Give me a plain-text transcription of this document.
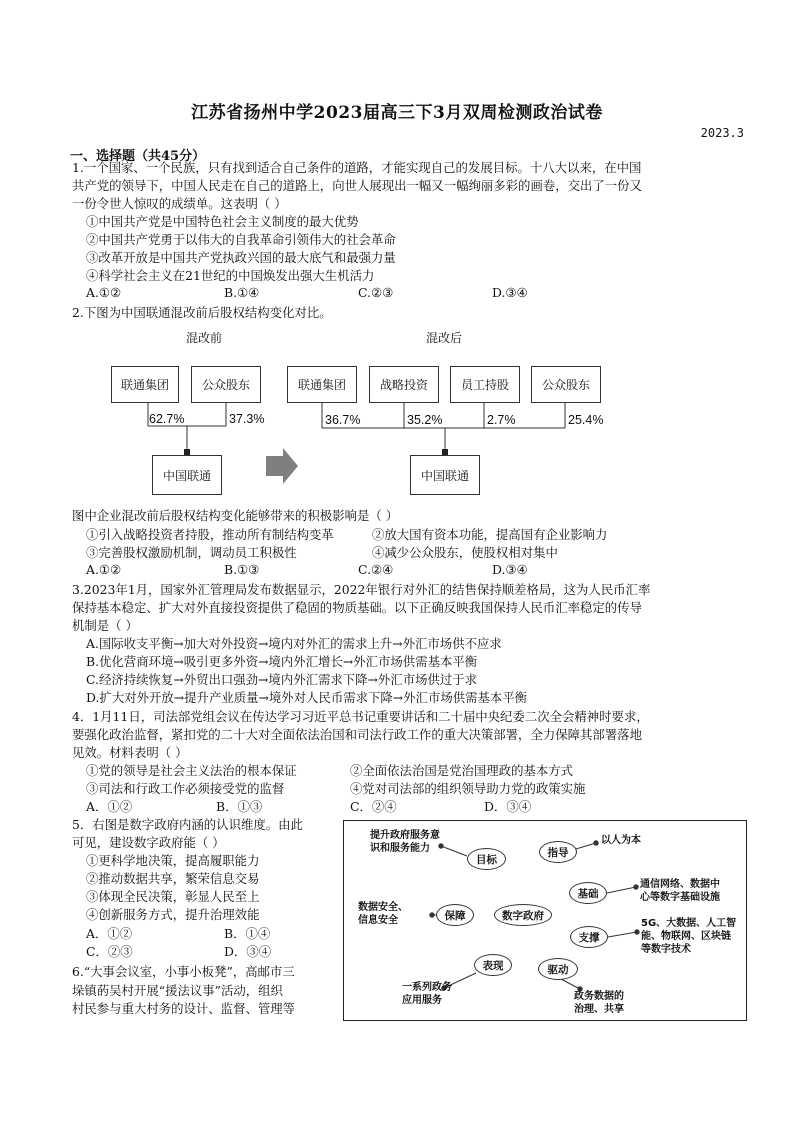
江苏省扬州中学2023届高三下3月双周检测政治试卷
2023.3
一、选择题（共45分）
1.一个国家、一个民族，只有找到适合自己条件的道路，才能实现自己的发展目标。十八大以来，在中国
共产党的领导下，中国人民走在自己的道路上，向世人展现出一幅又一幅绚丽多彩的画卷，交出了一份又
一份令世人惊叹的成绩单。这表明（ ）
①中国共产党是中国特色社会主义制度的最大优势
②中国共产党勇于以伟大的自我革命引领伟大的社会革命
③改革开放是中国共产党执政兴国的最大底气和最强力量
④科学社会主义在21世纪的中国焕发出强大生机活力
A.①②	B.①④	C.②③	D.③④
2.下图为中国联通混改前后股权结构变化对比。
混改前	混改后
联通集团	公众股东
62.7%	37.3%
中国联通
联通集团	战略投资	员工持股	公众股东
36.7%	35.2%	2.7%	25.4%
中国联通
图中企业混改前后股权结构变化能够带来的积极影响是（ ）
①引入战略投资者持股，推动所有制结构变革	②放大国有资本功能，提高国有企业影响力
③完善股权激励机制，调动员工积极性	④减少公众股东，使股权相对集中
A.①②	B.①③	C.②④	D.③④
3.2023年1月，国家外汇管理局发布数据显示，2022年银行对外汇的结售保持顺差格局，这为人民币汇率
保持基本稳定、扩大对外直接投资提供了稳固的物质基础。以下正确反映我国保持人民币汇率稳定的传导
机制是（ ）
A.国际收支平衡→加大对外投资→境内对外汇的需求上升→外汇市场供不应求
B.优化营商环境→吸引更多外资→境内外汇增长→外汇市场供需基本平衡
C.经济持续恢复→外贸出口强劲→境内外汇需求下降→外汇市场供过于求
D.扩大对外开放→提升产业质量→境外对人民币需求下降→外汇市场供需基本平衡
4．1月11日，司法部党组会议在传达学习习近平总书记重要讲话和二十届中央纪委二次全会精神时要求，
要强化政治监督，紧扣党的二十大对全面依法治国和司法行政工作的重大决策部署，全力保障其部署落地
见效。材料表明（ ）
①党的领导是社会主义法治的根本保证	②全面依法治国是党治国理政的基本方式
③司法和行政工作必须接受党的监督	④党对司法部的组织领导助力党的政策实施
A．①②	B．①③	C．②④	D．③④
5．右图是数字政府内涵的认识维度。由此
可见，建设数字政府能（ ）
①更科学地决策，提高履职能力
②推动数据共享，繁荣信息交易
③体现全民决策，彰显人民至上
④创新服务方式，提升治理效能
A．①②	B．①④
C．②③	D．③④
目标
指导
基础
保障	数字政府
支撑
表现	驱动
提升政府服务意
识和服务能力
以人为本
通信网络、数据中
心等数字基础设施
数据安全、
信息安全	5G、大数据、人工智
能、物联网、区块链
等数字技术
一系列政务
应用服务	政务数据的
治理、共享
6.“大事会议室，小事小板凳”，高邮市三
垛镇菂吴村开展“援法议事”活动，组织
村民参与重大村务的设计、监督、管理等
